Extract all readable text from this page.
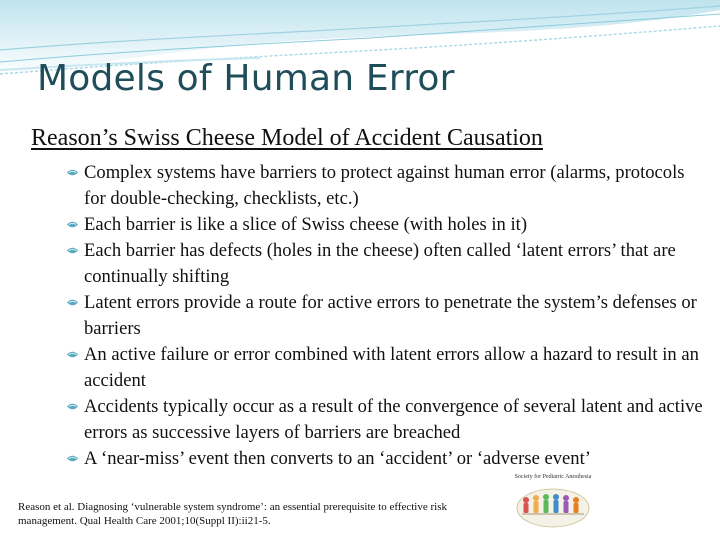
Models of Human Error
Reason’s Swiss Cheese Model of Accident Causation
Complex systems have barriers to protect against human error (alarms, protocols for double-checking, checklists, etc.)
Each barrier is like a slice of Swiss cheese (with holes in it)
Each barrier has defects (holes in the cheese) often called ‘latent errors’ that are continually shifting
Latent errors provide a route for active errors to penetrate the system’s defenses or barriers
An active failure or error combined with latent errors allow a hazard to result in an accident
Accidents typically occur as a result of the convergence of several latent and active errors as successive layers of barriers are breached
A ‘near-miss’ event then converts to an ‘accident’ or ‘adverse event’
Reason et al. Diagnosing ‘vulnerable system syndrome’: an essential prerequisite to effective risk management. Qual Health Care 2001;10(Suppl II):ii21-5.
Society for Pediatric Anesthesia
